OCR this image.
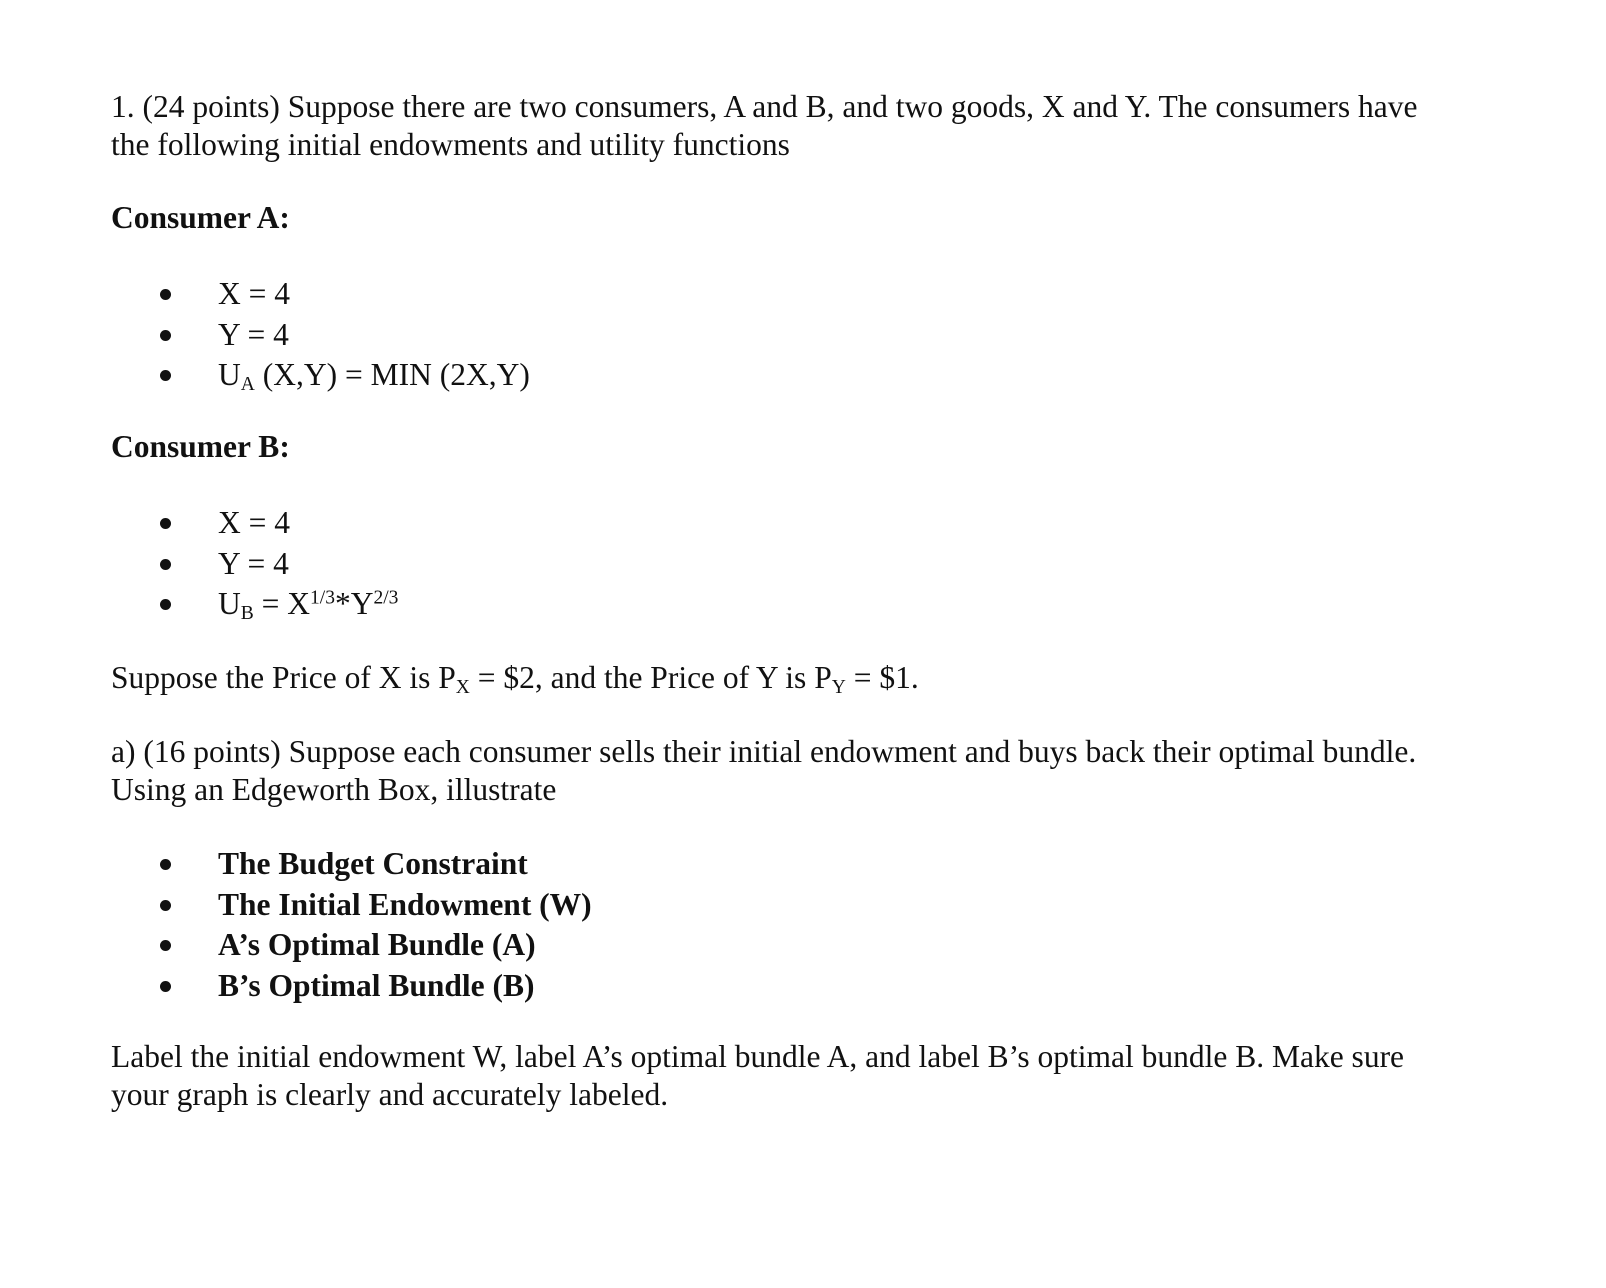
1. (24 points) Suppose there are two consumers, A and B, and two goods, X and Y. The consumers have
the following initial endowments and utility functions
Consumer A:
X = 4
Y = 4
$U_A$ (X,Y) = MIN (2X,Y)
Consumer B:
X = 4
Y = 4
$U_B = X^{1/3}*Y^{2/3}$
Suppose the Price of X is $P_X$ = $2, and the Price of Y is $P_Y$ = $1.
a) (16 points) Suppose each consumer sells their initial endowment and buys back their optimal bundle.
Using an Edgeworth Box, illustrate
The Budget Constraint
The Initial Endowment (W)
A’s Optimal Bundle (A)
B’s Optimal Bundle (B)
Label the initial endowment W, label A’s optimal bundle A, and label B’s optimal bundle B. Make sure
your graph is clearly and accurately labeled.
